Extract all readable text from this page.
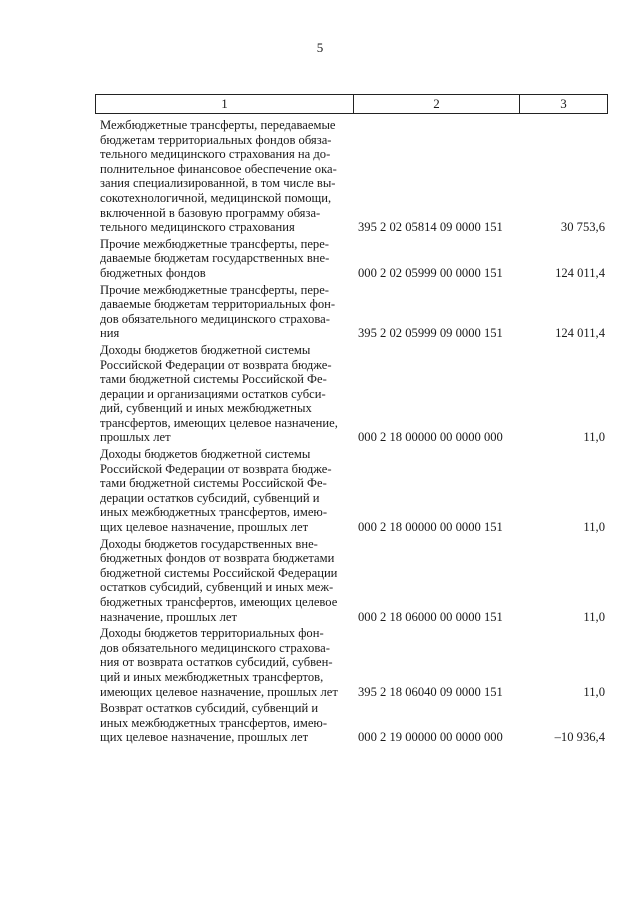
5
1	2	3
Межбюджетные трансферты, передаваемые
бюджетам территориальных фондов обяза-
тельного медицинского страхования на до-
полнительное финансовое обеспечение ока-
зания специализированной, в том числе вы-
сокотехнологичной, медицинской помощи,
включенной в базовую программу обяза-
тельного медицинского страхования	395 2 02 05814 09 0000 151	30 753,6
Прочие межбюджетные трансферты, пере-
даваемые бюджетам государственных вне-
бюджетных фондов	000 2 02 05999 00 0000 151	124 011,4
Прочие межбюджетные трансферты, пере-
даваемые бюджетам территориальных фон-
дов обязательного медицинского страхова-
ния	395 2 02 05999 09 0000 151	124 011,4
Доходы бюджетов бюджетной системы
Российской Федерации от возврата бюдже-
тами бюджетной системы Российской Фе-
дерации и организациями остатков субси-
дий, субвенций и иных межбюджетных
трансфертов, имеющих целевое назначение,
прошлых лет	000 2 18 00000 00 0000 000	11,0
Доходы бюджетов бюджетной системы
Российской Федерации от возврата бюдже-
тами бюджетной системы Российской Фе-
дерации остатков субсидий, субвенций и
иных межбюджетных трансфертов, имею-
щих целевое назначение, прошлых лет	000 2 18 00000 00 0000 151	11,0
Доходы бюджетов государственных вне-
бюджетных фондов от возврата бюджетами
бюджетной системы Российской Федерации
остатков субсидий, субвенций и иных меж-
бюджетных трансфертов, имеющих целевое
назначение, прошлых лет	000 2 18 06000 00 0000 151	11,0
Доходы бюджетов территориальных фон-
дов обязательного медицинского страхова-
ния от возврата остатков субсидий, субвен-
ций и иных межбюджетных трансфертов,
имеющих целевое назначение, прошлых лет	395 2 18 06040 09 0000 151	11,0
Возврат остатков субсидий, субвенций и
иных межбюджетных трансфертов, имею-
щих целевое назначение, прошлых лет	000 2 19 00000 00 0000 000	–10 936,4
